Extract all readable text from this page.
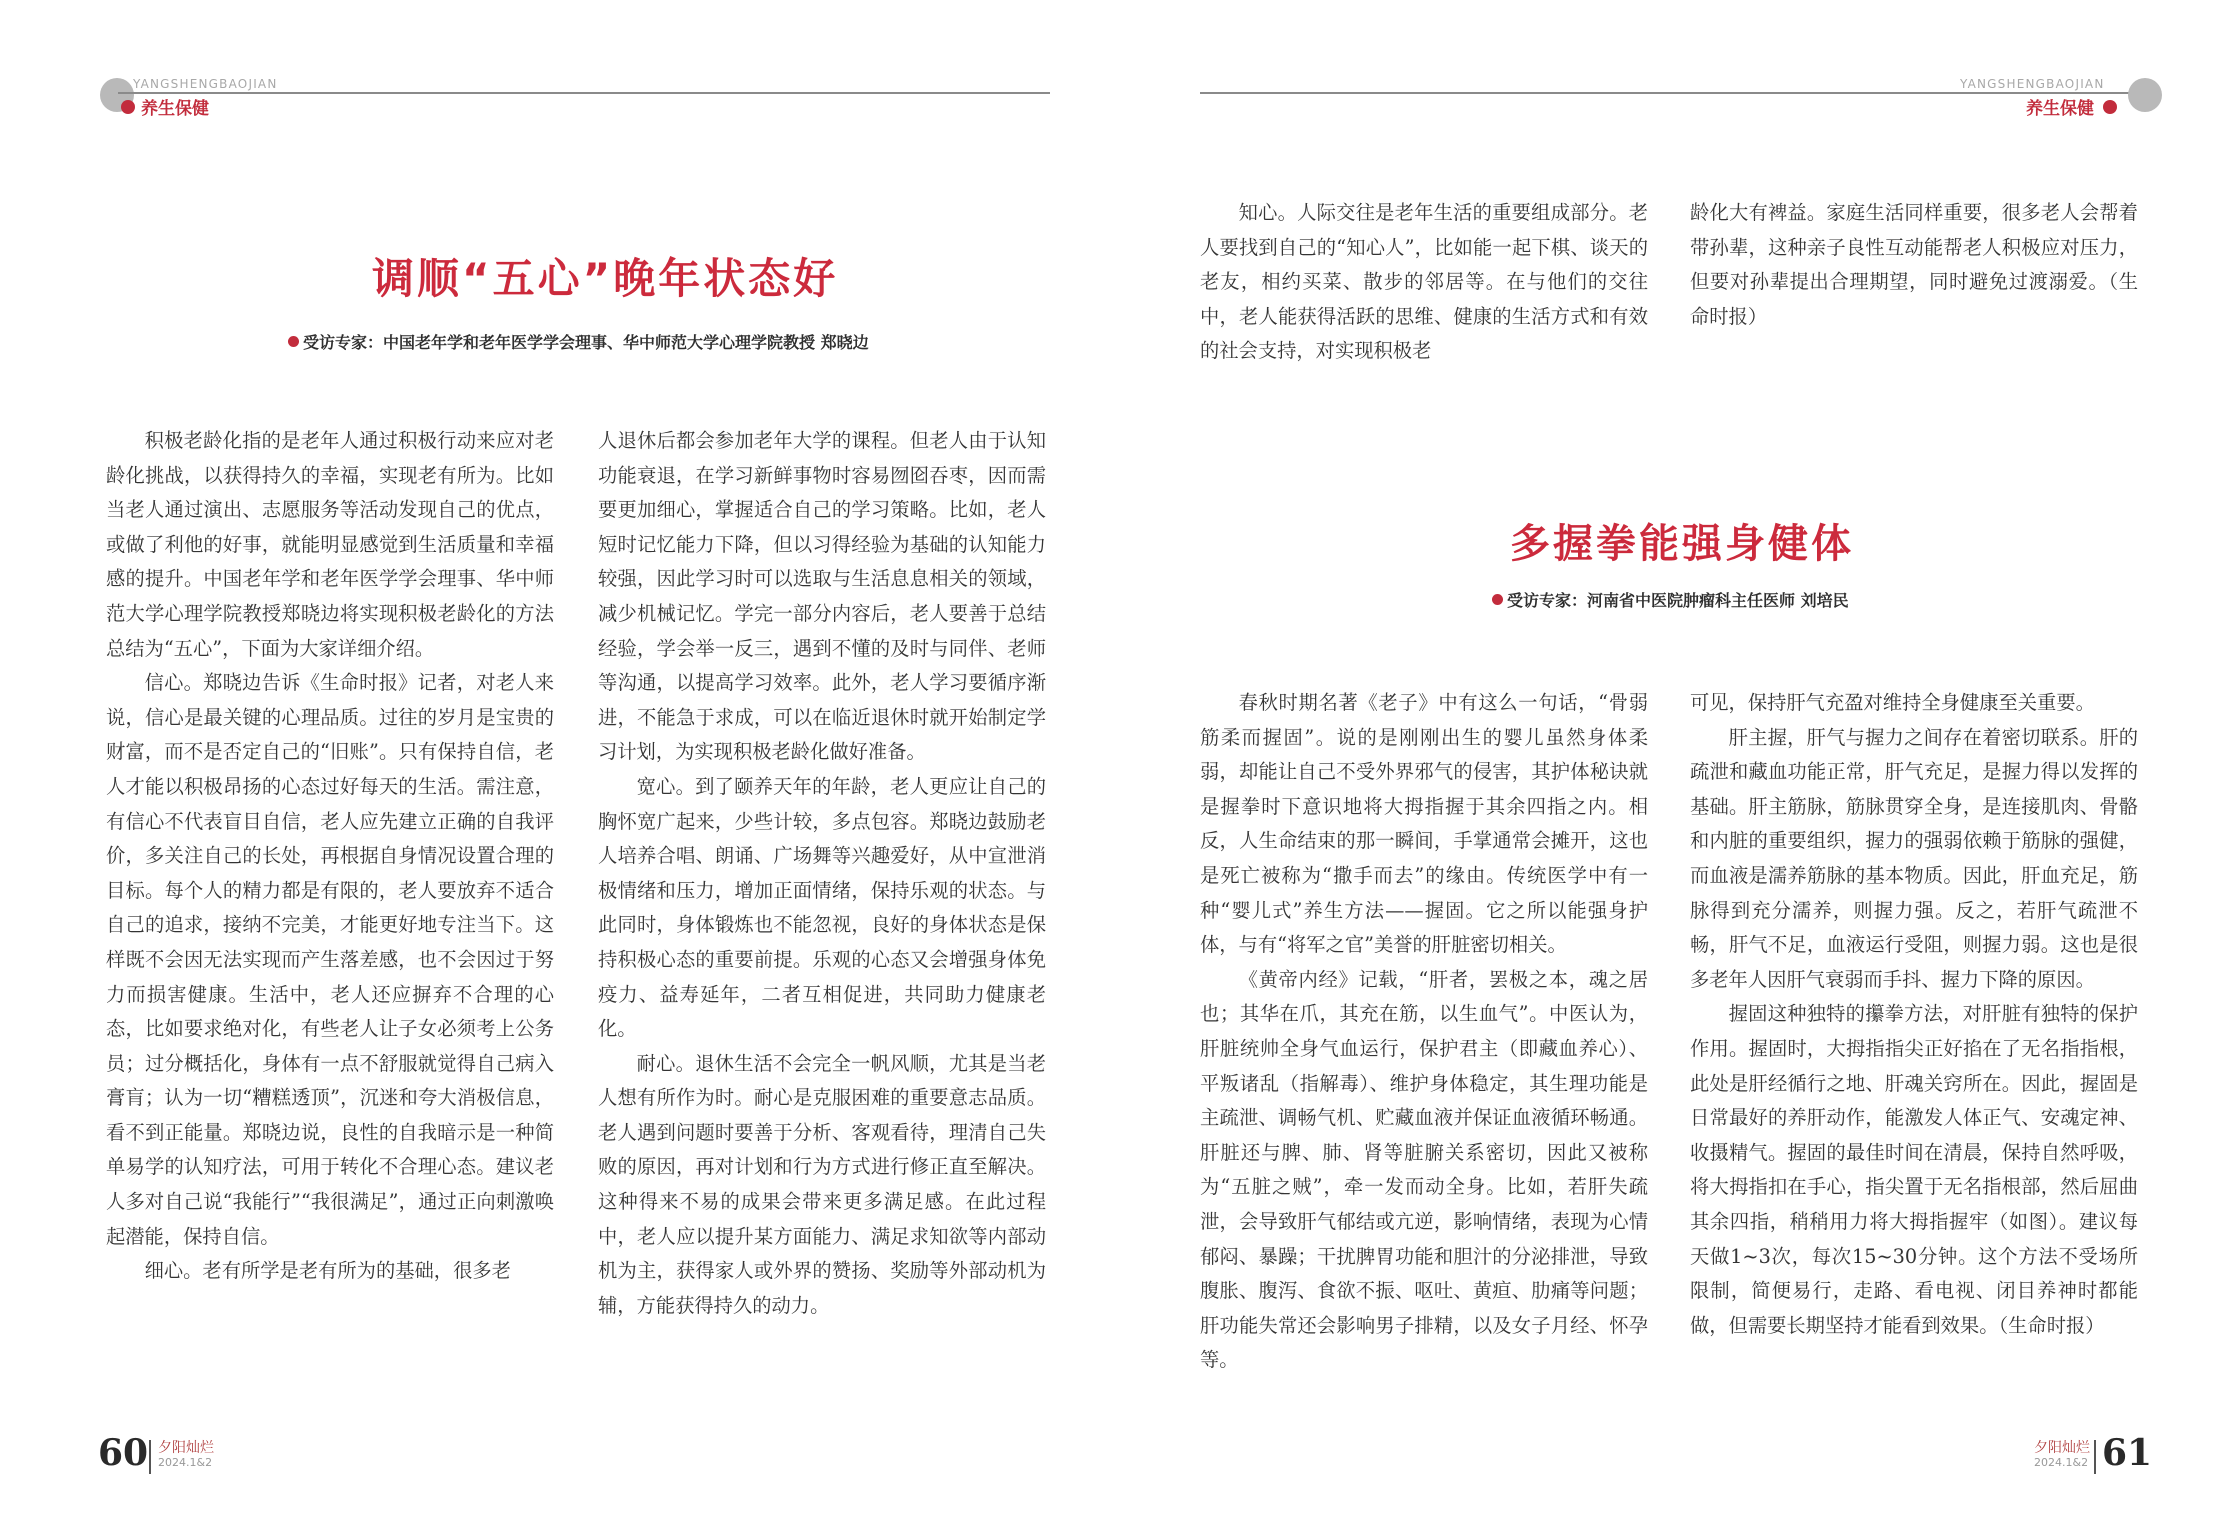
YANGSHENGBAOJIAN
养生保健
调顺“五心”晚年状态好
受访专家：中国老年学和老年医学学会理事、华中师范大学心理学院教授 郑晓边

积极老龄化指的是老年人通过积极行动来应对老龄化挑战，以获得持久的幸福，实现老有所为。比如当老人通过演出、志愿服务等活动发现自己的优点，或做了利他的好事，就能明显感觉到生活质量和幸福感的提升。中国老年学和老年医学学会理事、华中师范大学心理学院教授郑晓边将实现积极老龄化的方法总结为“五心”，下面为大家详细介绍。

信心。郑晓边告诉《生命时报》记者，对老人来说，信心是最关键的心理品质。过往的岁月是宝贵的财富，而不是否定自己的“旧账”。只有保持自信，老人才能以积极昂扬的心态过好每天的生活。需注意，有信心不代表盲目自信，老人应先建立正确的自我评价，多关注自己的长处，再根据自身情况设置合理的目标。每个人的精力都是有限的，老人要放弃不适合自己的追求，接纳不完美，才能更好地专注当下。这样既不会因无法实现而产生落差感，也不会因过于努力而损害健康。生活中，老人还应摒弃不合理的心态，比如要求绝对化，有些老人让子女必须考上公务员；过分概括化，身体有一点不舒服就觉得自己病入膏肓；认为一切“糟糕透顶”，沉迷和夸大消极信息，看不到正能量。郑晓边说，良性的自我暗示是一种简单易学的认知疗法，可用于转化不合理心态。建议老人多对自己说“我能行”“我很满足”，通过正向刺激唤起潜能，保持自信。

细心。老有所学是老有所为的基础，很多老

人退休后都会参加老年大学的课程。但老人由于认知功能衰退，在学习新鲜事物时容易囫囵吞枣，因而需要更加细心，掌握适合自己的学习策略。比如，老人短时记忆能力下降，但以习得经验为基础的认知能力较强，因此学习时可以选取与生活息息相关的领域，减少机械记忆。学完一部分内容后，老人要善于总结经验，学会举一反三，遇到不懂的及时与同伴、老师等沟通，以提高学习效率。此外，老人学习要循序渐进，不能急于求成，可以在临近退休时就开始制定学习计划，为实现积极老龄化做好准备。

宽心。到了颐养天年的年龄，老人更应让自己的胸怀宽广起来，少些计较，多点包容。郑晓边鼓励老人培养合唱、朗诵、广场舞等兴趣爱好，从中宣泄消极情绪和压力，增加正面情绪，保持乐观的状态。与此同时，身体锻炼也不能忽视，良好的身体状态是保持积极心态的重要前提。乐观的心态又会增强身体免疫力、益寿延年，二者互相促进，共同助力健康老化。

耐心。退休生活不会完全一帆风顺，尤其是当老人想有所作为时。耐心是克服困难的重要意志品质。老人遇到问题时要善于分析、客观看待，理清自己失败的原因，再对计划和行为方式进行修正直至解决。这种得来不易的成果会带来更多满足感。在此过程中，老人应以提升某方面能力、满足求知欲等内部动机为主，获得家人或外界的赞扬、奖励等外部动机为辅，方能获得持久的动力。

60 夕阳灿烂
2024.1&2
YANGSHENGBAOJIAN
养生保健

知心。人际交往是老年生活的重要组成部分。老人要找到自己的“知心人”，比如能一起下棋、谈天的老友，相约买菜、散步的邻居等。在与他们的交往中，老人能获得活跃的思维、健康的生活方式和有效的社会支持，对实现积极老

龄化大有裨益。家庭生活同样重要，很多老人会帮着带孙辈，这种亲子良性互动能帮老人积极应对压力，但要对孙辈提出合理期望，同时避免过渡溺爱。（生命时报）

多握拳能强身健体
受访专家：河南省中医院肿瘤科主任医师 刘培民

春秋时期名著《老子》中有这么一句话，“骨弱筋柔而握固”。说的是刚刚出生的婴儿虽然身体柔弱，却能让自己不受外界邪气的侵害，其护体秘诀就是握拳时下意识地将大拇指握于其余四指之内。相反，人生命结束的那一瞬间，手掌通常会摊开，这也是死亡被称为“撒手而去”的缘由。传统医学中有一种“婴儿式”养生方法——握固。它之所以能强身护体，与有“将军之官”美誉的肝脏密切相关。

《黄帝内经》记载，“肝者，罢极之本，魂之居也；其华在爪，其充在筋，以生血气”。中医认为，肝脏统帅全身气血运行，保护君主（即藏血养心）、平叛诸乱（指解毒）、维护身体稳定，其生理功能是主疏泄、调畅气机、贮藏血液并保证血液循环畅通。肝脏还与脾、肺、肾等脏腑关系密切，因此又被称为“五脏之贼”，牵一发而动全身。比如，若肝失疏泄，会导致肝气郁结或亢逆，影响情绪，表现为心情郁闷、暴躁；干扰脾胃功能和胆汁的分泌排泄，导致腹胀、腹泻、食欲不振、呕吐、黄疸、肋痛等问题；肝功能失常还会影响男子排精，以及女子月经、怀孕等。

可见，保持肝气充盈对维持全身健康至关重要。

肝主握，肝气与握力之间存在着密切联系。肝的疏泄和藏血功能正常，肝气充足，是握力得以发挥的基础。肝主筋脉，筋脉贯穿全身，是连接肌肉、骨骼和内脏的重要组织，握力的强弱依赖于筋脉的强健，而血液是濡养筋脉的基本物质。因此，肝血充足，筋脉得到充分濡养，则握力强。反之，若肝气疏泄不畅，肝气不足，血液运行受阻，则握力弱。这也是很多老年人因肝气衰弱而手抖、握力下降的原因。

握固这种独特的攥拳方法，对肝脏有独特的保护作用。握固时，大拇指指尖正好掐在了无名指指根，此处是肝经循行之地、肝魂关窍所在。因此，握固是日常最好的养肝动作，能激发人体正气、安魂定神、收摄精气。握固的最佳时间在清晨，保持自然呼吸，将大拇指扣在手心，指尖置于无名指根部，然后屈曲其余四指，稍稍用力将大拇指握牢（如图）。建议每天做1~3次，每次15~30分钟。这个方法不受场所限制，简便易行，走路、看电视、闭目养神时都能做，但需要长期坚持才能看到效果。（生命时报）

夕阳灿烂
2024.1&2 61
